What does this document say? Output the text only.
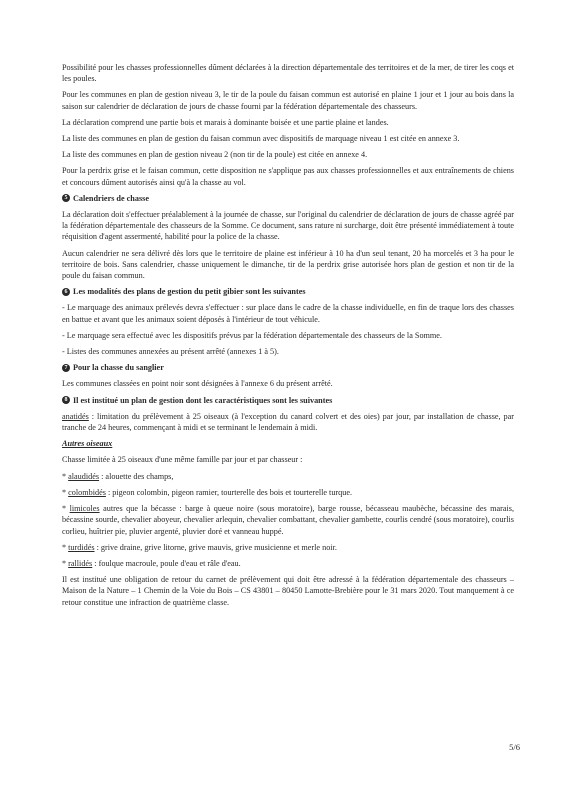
Possibilité pour les chasses professionnelles dûment déclarées à la direction départementale des territoires et de la mer, de tirer les coqs et les poules.

Pour les communes en plan de gestion niveau 3, le tir de la poule du faisan commun est autorisé en plaine 1 jour et 1 jour au bois dans la saison sur calendrier de déclaration de jours de chasse fourni par la fédération départementale des chasseurs.

La déclaration comprend une partie bois et marais à dominante boisée et une partie plaine et landes.

La liste des communes en plan de gestion du faisan commun avec dispositifs de marquage niveau 1 est citée en annexe 3.

La liste des communes en plan de gestion niveau 2 (non tir de la poule) est citée en annexe 4.

Pour la perdrix grise et le faisan commun, cette disposition ne s'applique pas aux chasses professionnelles et aux entraînements de chiens et concours dûment autorisés ainsi qu'à la chasse au vol.

5 Calendriers de chasse

La déclaration doit s'effectuer préalablement à la journée de chasse, sur l'original du calendrier de déclaration de jours de chasse agréé par la fédération départementale des chasseurs de la Somme. Ce document, sans rature ni surcharge, doit être présenté immédiatement à toute réquisition d'agent assermenté, habilité pour la police de la chasse.

Aucun calendrier ne sera délivré dès lors que le territoire de plaine est inférieur à 10 ha d'un seul tenant, 20 ha morcelés et 3 ha pour le territoire de bois. Sans calendrier, chasse uniquement le dimanche, tir de la perdrix grise autorisée hors plan de gestion et non tir de la poule du faisan commun.

6 Les modalités des plans de gestion du petit gibier sont les suivantes

- Le marquage des animaux prélevés devra s'effectuer : sur place dans le cadre de la chasse individuelle, en fin de traque lors des chasses en battue et avant que les animaux soient déposés à l'intérieur de tout véhicule.

- Le marquage sera effectué avec les dispositifs prévus par la fédération départementale des chasseurs de la Somme.

- Listes des communes annexées au présent arrêté (annexes 1 à 5).

7 Pour la chasse du sanglier

Les communes classées en point noir sont désignées à l'annexe 6 du présent arrêté.

8 Il est institué un plan de gestion dont les caractéristiques sont les suivantes

anatidés : limitation du prélèvement à 25 oiseaux (à l'exception du canard colvert et des oies) par jour, par installation de chasse, par tranche de 24 heures, commençant à midi et se terminant le lendemain à midi.

Autres oiseaux

Chasse limitée à 25 oiseaux d'une même famille par jour et par chasseur :

* alaudidés : alouette des champs,

* colombidés : pigeon colombin, pigeon ramier, tourterelle des bois et tourterelle turque.

* limicoles autres que la bécasse : barge à queue noire (sous moratoire), barge rousse, bécasseau maubèche, bécassine des marais, bécassine sourde, chevalier aboyeur, chevalier arlequin, chevalier combattant, chevalier gambette, courlis cendré (sous moratoire), courlis corlieu, huîtrier pie, pluvier argenté, pluvier doré et vanneau huppé.

* turdidés : grive draine, grive litorne, grive mauvis, grive musicienne et merle noir.

* rallidés : foulque macroule, poule d'eau et râle d'eau.

Il est institué une obligation de retour du carnet de prélèvement qui doit être adressé à la fédération départementale des chasseurs – Maison de la Nature – 1 Chemin de la Voie du Bois – CS 43801 – 80450 Lamotte-Brebière pour le 31 mars 2020. Tout manquement à ce retour constitue une infraction de quatrième classe.

5/6
